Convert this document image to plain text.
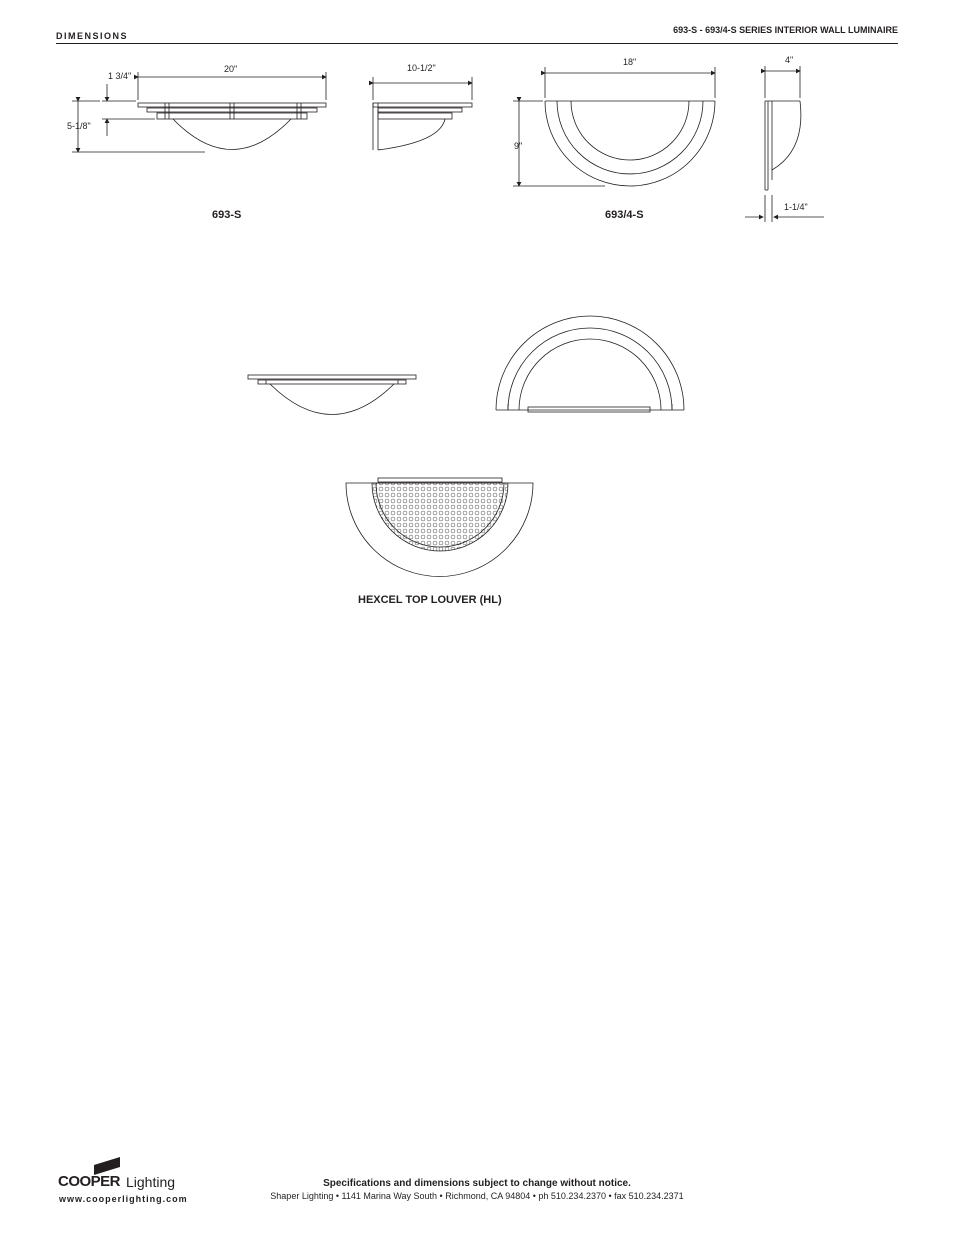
DIMENSIONS
693-S - 693/4-S SERIES INTERIOR WALL LUMINAIRE
20"
1 3/4"
5-1/8"
10-1/2"
18"
9"
4"
1-1/4"
693-S	693/4-S
HEXCEL TOP LOUVER (HL)
COOPER Lighting
www.cooperlighting.com
Specifications and dimensions subject to change without notice.
Shaper Lighting • 1141 Marina Way South • Richmond, CA 94804 • ph 510.234.2370 • fax 510.234.2371
